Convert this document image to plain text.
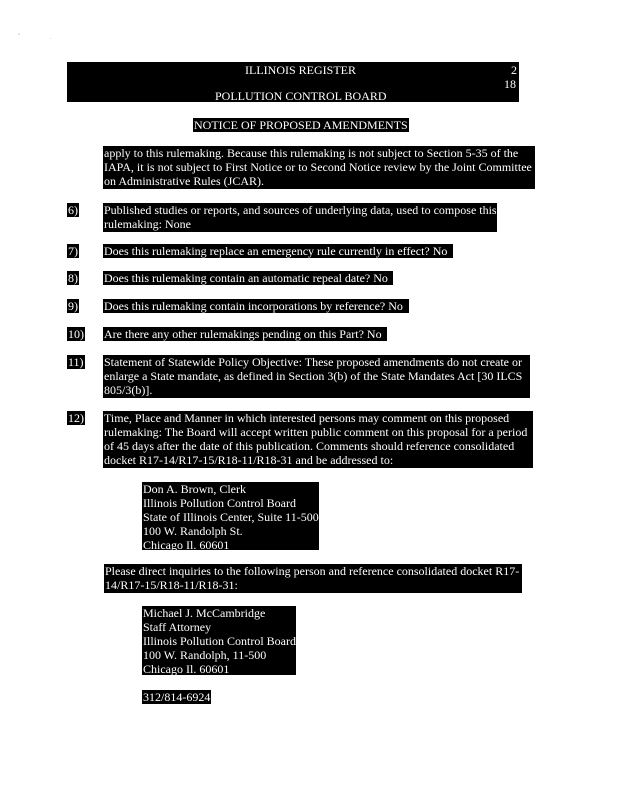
°
·
ILLINOIS REGISTER	2
18
POLLUTION CONTROL BOARD
NOTICE OF PROPOSED AMENDMENTS
apply to this rulemaking. Because this rulemaking is not subject to Section 5-35 of the
IAPA, it is not subject to First Notice or to Second Notice review by the Joint Committee
on Administrative Rules (JCAR).
6) Published studies or reports, and sources of underlying data, used to compose this
rulemaking: None
7) Does this rulemaking replace an emergency rule currently in effect? No
8) Does this rulemaking contain an automatic repeal date? No
9) Does this rulemaking contain incorporations by reference? No
10) Are there any other rulemakings pending on this Part? No
11) Statement of Statewide Policy Objective: These proposed amendments do not create or
enlarge a State mandate, as defined in Section 3(b) of the State Mandates Act [30 ILCS
805/3(b)].
12) Time, Place and Manner in which interested persons may comment on this proposed
rulemaking: The Board will accept written public comment on this proposal for a period
of 45 days after the date of this publication. Comments should reference consolidated
docket R17-14/R17-15/R18-11/R18-31 and be addressed to:
Don A. Brown, Clerk
Illinois Pollution Control Board
State of Illinois Center, Suite 11-500
100 W. Randolph St.
Chicago Il. 60601
Please direct inquiries to the following person and reference consolidated docket R17-
14/R17-15/R18-11/R18-31:
Michael J. McCambridge
Staff Attorney
Illinois Pollution Control Board
100 W. Randolph, 11-500
Chicago Il. 60601
312/814-6924
